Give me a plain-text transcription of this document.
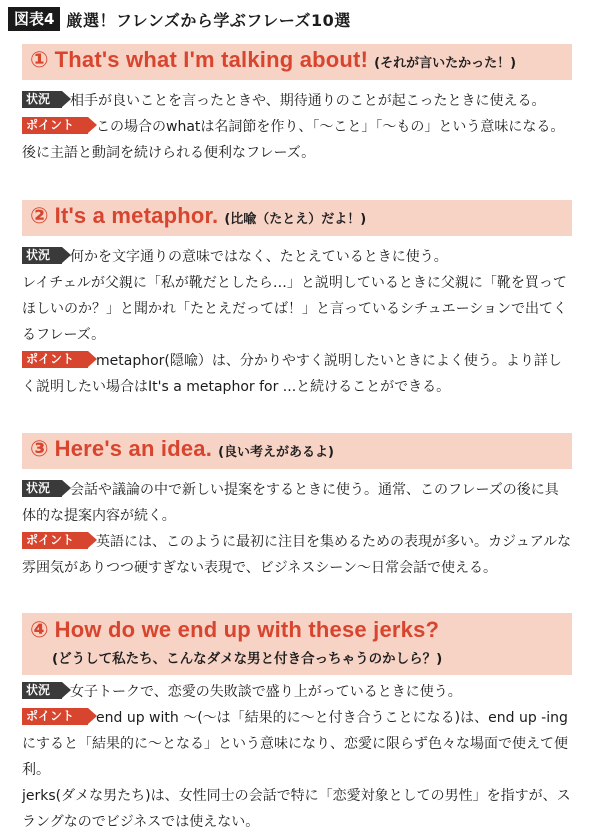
図表4 厳選！フレンズから学ぶフレーズ10選
① That's what I'm talking about! (それが言いたかった！)

状況 相手が良いことを言ったときや、期待通りのことが起こったときに使える。

ポイント この場合のwhatは名詞節を作り、「〜こと」「〜もの」という意味になる。後に主語と動詞を続けられる便利なフレーズ。

② It's a metaphor. (比喩（たとえ）だよ！)

状況 何かを文字通りの意味ではなく、たとえているときに使う。

レイチェルが父親に「私が靴だとしたら…」と説明しているときに父親に「靴を買ってほしいのか？」と聞かれ「たとえだってば！」と言っているシチュエーションで出てくるフレーズ。

ポイント metaphor(隠喩）は、分かりやすく説明したいときによく使う。より詳しく説明したい場合はIt's a metaphor for ...と続けることができる。

③ Here's an idea. (良い考えがあるよ)

状況 会話や議論の中で新しい提案をするときに使う。通常、このフレーズの後に具体的な提案内容が続く。

ポイント 英語には、このように最初に注目を集めるための表現が多い。カジュアルな雰囲気がありつつ硬すぎない表現で、ビジネスシーン〜日常会話で使える。

④ How do we end up with these jerks?
(どうして私たち、こんなダメな男と付き合っちゃうのかしら？)

状況 女子トークで、恋愛の失敗談で盛り上がっているときに使う。

ポイント end up with 〜(〜は「結果的に〜と付き合うことになる)は、end up -ingにすると「結果的に〜となる」という意味になり、恋愛に限らず色々な場面で使えて便利。

jerks(ダメな男たち)は、女性同士の会話で特に「恋愛対象としての男性」を指すが、スラングなのでビジネスでは使えない。
